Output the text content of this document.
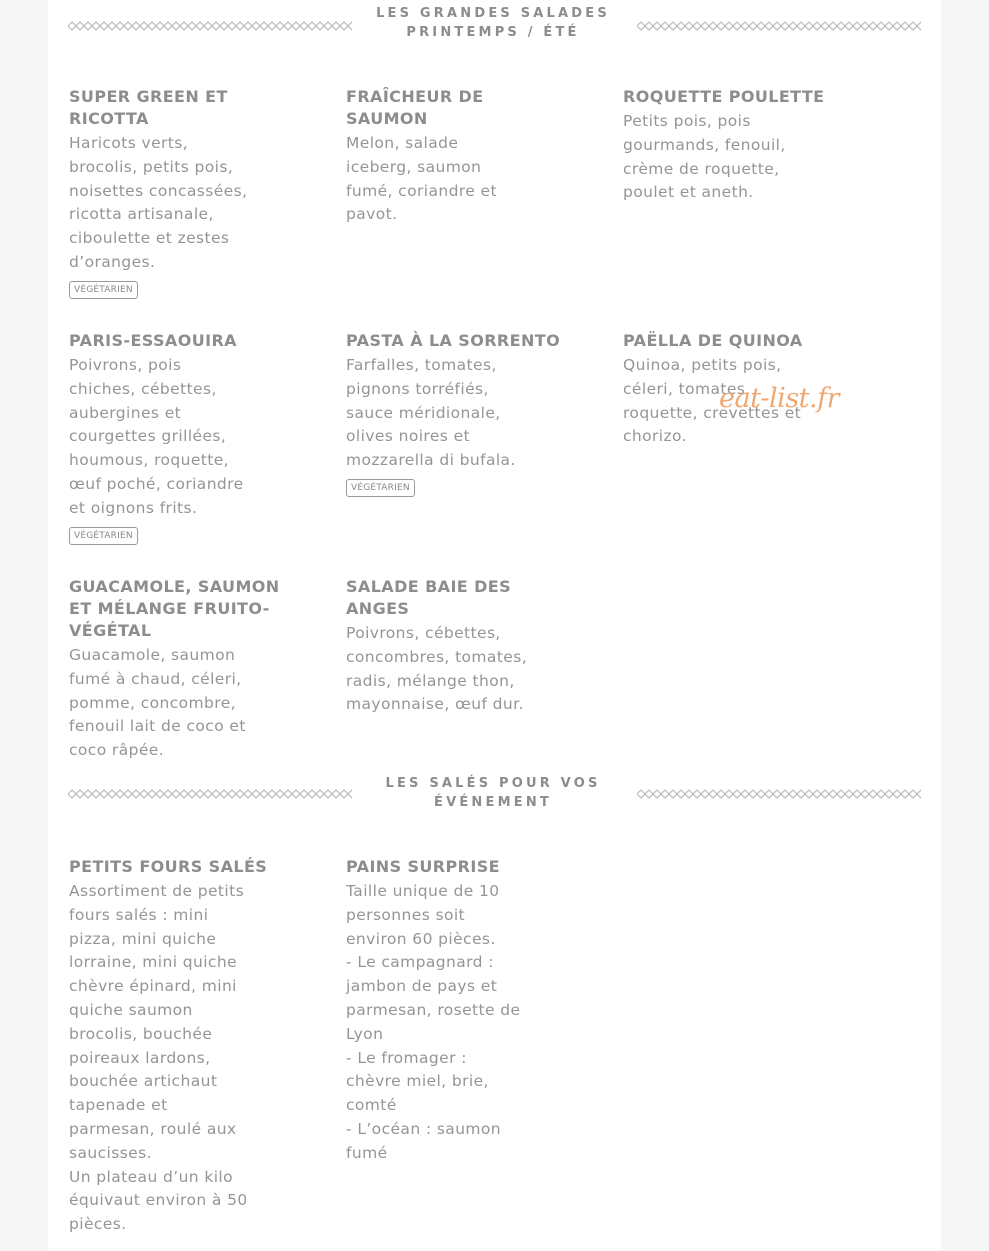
LES GRANDES SALADES
PRINTEMPS / ÉTÉ

SUPER GREEN ET RICOTTA

Haricots verts,
brocolis, petits pois,
noisettes concassées,
ricotta artisanale,
ciboulette et zestes
d’oranges.

VÉGÉTARIEN

FRAÎCHEUR DE SAUMON

Melon, salade
iceberg, saumon
fumé, coriandre et
pavot.

ROQUETTE POULETTE

Petits pois, pois
gourmands, fenouil,
crème de roquette,
poulet et aneth.

PARIS-ESSAOUIRA

Poivrons, pois
chiches, cébettes,
aubergines et
courgettes grillées,
houmous, roquette,
œuf poché, coriandre
et oignons frits.

VÉGÉTARIEN

PASTA À LA SORRENTO

Farfalles, tomates,
pignons torréfiés,
sauce méridionale,
olives noires et
mozzarella di bufala.

VÉGÉTARIEN

PAËLLA DE QUINOA

Quinoa, petits pois,
céleri, tomates,
roquette, crevettes et
chorizo.

GUACAMOLE, SAUMON
ET MÉLANGE FRUITO-
VÉGÉTAL

Guacamole, saumon
fumé à chaud, céleri,
pomme, concombre,
fenouil lait de coco et
coco râpée.

SALADE BAIE DES
ANGES

Poivrons, cébettes,
concombres, tomates,
radis, mélange thon,
mayonnaise, œuf dur.

LES SALÉS POUR VOS
ÉVÉNEMENT

PETITS FOURS SALÉS

Assortiment de petits
fours salés : mini
pizza, mini quiche
lorraine, mini quiche
chèvre épinard, mini
quiche saumon
brocolis, bouchée
poireaux lardons,
bouchée artichaut
tapenade et
parmesan, roulé aux
saucisses.
Un plateau d’un kilo
équivaut environ à 50
pièces.

PAINS SURPRISE

Taille unique de 10
personnes soit
environ 60 pièces.
- Le campagnard :
jambon de pays et
parmesan, rosette de
Lyon
- Le fromager :
chèvre miel, brie,
comté
- L’océan : saumon
fumé

eat-list.fr
